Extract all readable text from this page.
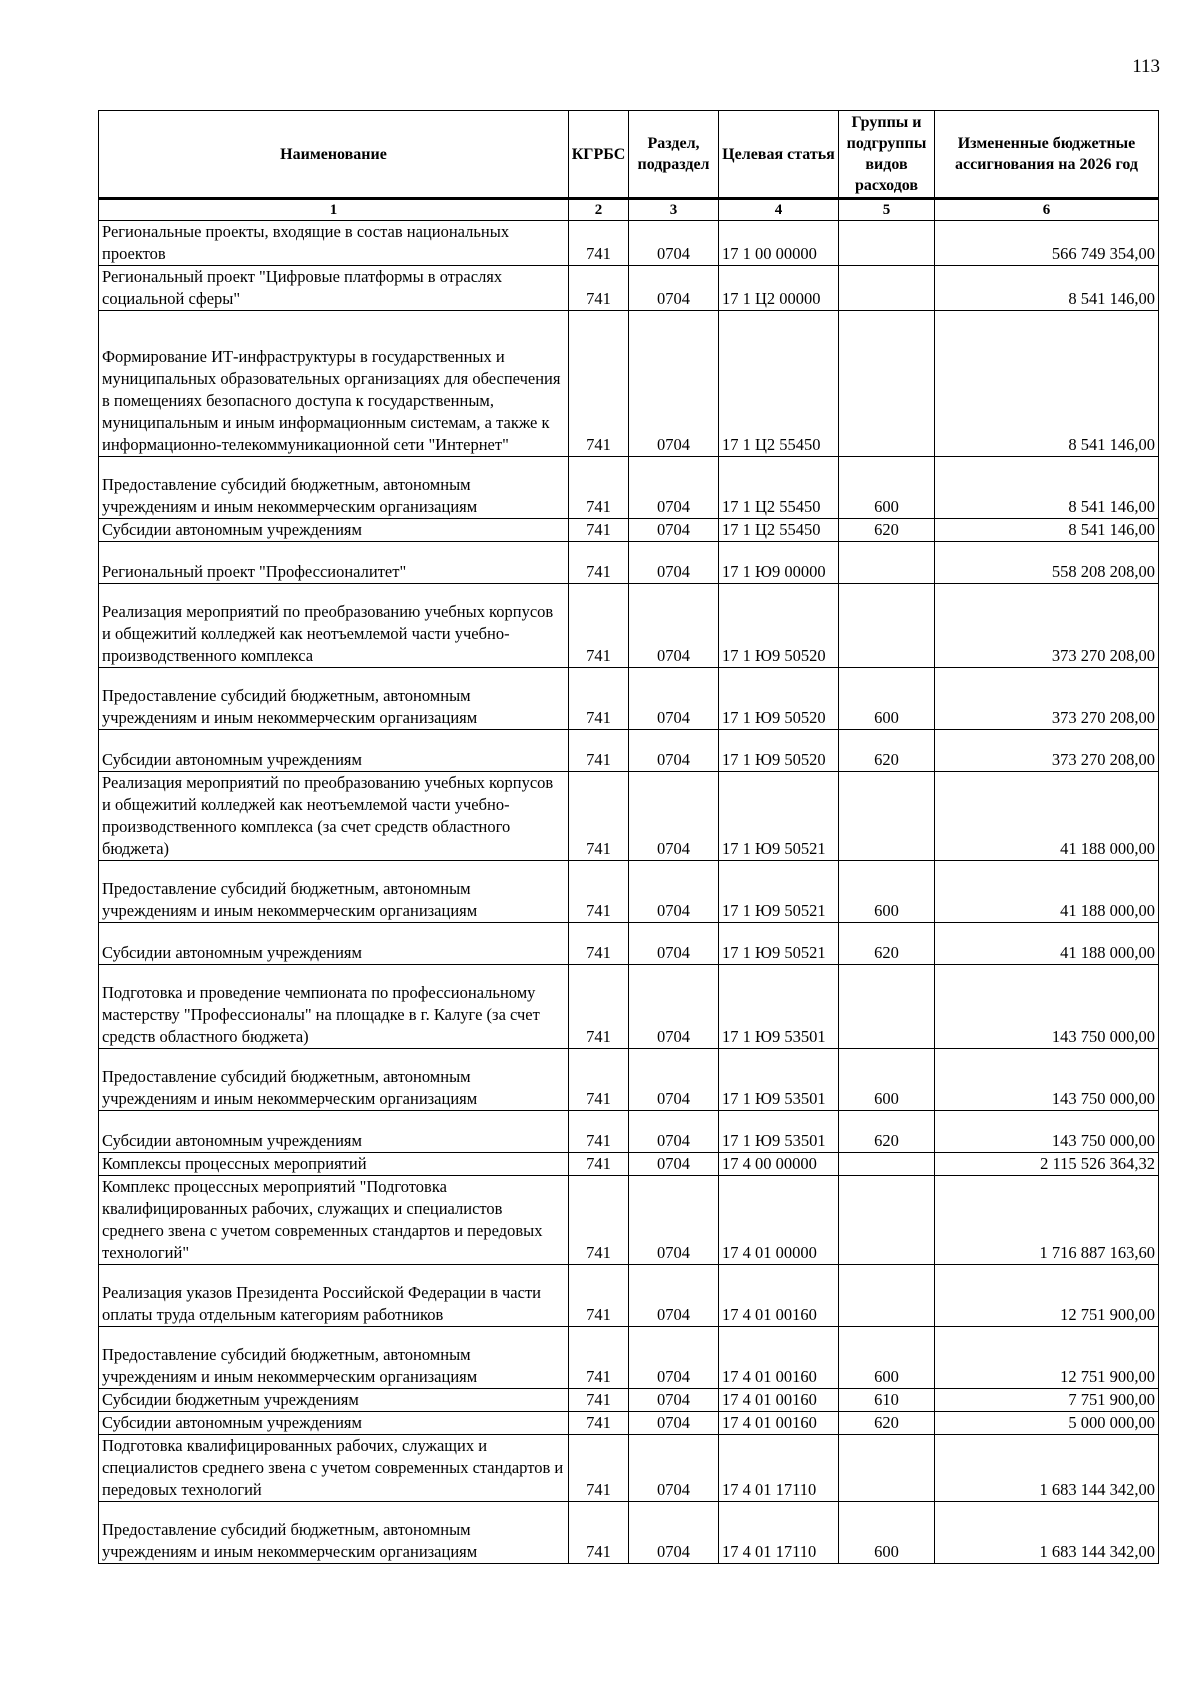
113
Наименование	КГРБС	Раздел, подраздел	Целевая статья	Группы и подгруппы видов расходов	Измененные бюджетные ассигнования на 2026 год
1	2	3	4	5	6
Региональные проекты, входящие в состав национальных проектов	741	0704	17 1 00 00000		566 749 354,00
Региональный проект "Цифровые платформы в отраслях социальной сферы"	741	0704	17 1 Ц2 00000		8 541 146,00
Формирование ИТ-инфраструктуры в государственных и муниципальных образовательных организациях для обеспечения в помещениях безопасного доступа к государственным, муниципальным и иным информационным системам, а также к информационно-телекоммуникационной сети "Интернет"	741	0704	17 1 Ц2 55450		8 541 146,00
Предоставление субсидий бюджетным, автономным учреждениям и иным некоммерческим организациям	741	0704	17 1 Ц2 55450	600	8 541 146,00
Субсидии автономным учреждениям	741	0704	17 1 Ц2 55450	620	8 541 146,00
Региональный проект "Профессионалитет"	741	0704	17 1 Ю9 00000		558 208 208,00
Реализация мероприятий по преобразованию учебных корпусов и общежитий колледжей как неотъемлемой части учебно-производственного комплекса	741	0704	17 1 Ю9 50520		373 270 208,00
Предоставление субсидий бюджетным, автономным учреждениям и иным некоммерческим организациям	741	0704	17 1 Ю9 50520	600	373 270 208,00
Субсидии автономным учреждениям	741	0704	17 1 Ю9 50520	620	373 270 208,00
Реализация мероприятий по преобразованию учебных корпусов и общежитий колледжей как неотъемлемой части учебно-производственного комплекса (за счет средств областного бюджета)	741	0704	17 1 Ю9 50521		41 188 000,00
Предоставление субсидий бюджетным, автономным учреждениям и иным некоммерческим организациям	741	0704	17 1 Ю9 50521	600	41 188 000,00
Субсидии автономным учреждениям	741	0704	17 1 Ю9 50521	620	41 188 000,00
Подготовка и проведение чемпионата по профессиональному мастерству "Профессионалы" на площадке в г. Калуге (за счет средств областного бюджета)	741	0704	17 1 Ю9 53501		143 750 000,00
Предоставление субсидий бюджетным, автономным учреждениям и иным некоммерческим организациям	741	0704	17 1 Ю9 53501	600	143 750 000,00
Субсидии автономным учреждениям	741	0704	17 1 Ю9 53501	620	143 750 000,00
Комплексы процессных мероприятий	741	0704	17 4 00 00000		2 115 526 364,32
Комплекс процессных мероприятий "Подготовка квалифицированных рабочих, служащих и специалистов среднего звена с учетом современных стандартов и передовых технологий"	741	0704	17 4 01 00000		1 716 887 163,60
Реализация указов Президента Российской Федерации в части оплаты труда отдельным категориям работников	741	0704	17 4 01 00160		12 751 900,00
Предоставление субсидий бюджетным, автономным учреждениям и иным некоммерческим организациям	741	0704	17 4 01 00160	600	12 751 900,00
Субсидии бюджетным учреждениям	741	0704	17 4 01 00160	610	7 751 900,00
Субсидии автономным учреждениям	741	0704	17 4 01 00160	620	5 000 000,00
Подготовка квалифицированных рабочих, служащих и специалистов среднего звена с учетом современных стандартов и передовых технологий	741	0704	17 4 01 17110		1 683 144 342,00
Предоставление субсидий бюджетным, автономным учреждениям и иным некоммерческим организациям	741	0704	17 4 01 17110	600	1 683 144 342,00
